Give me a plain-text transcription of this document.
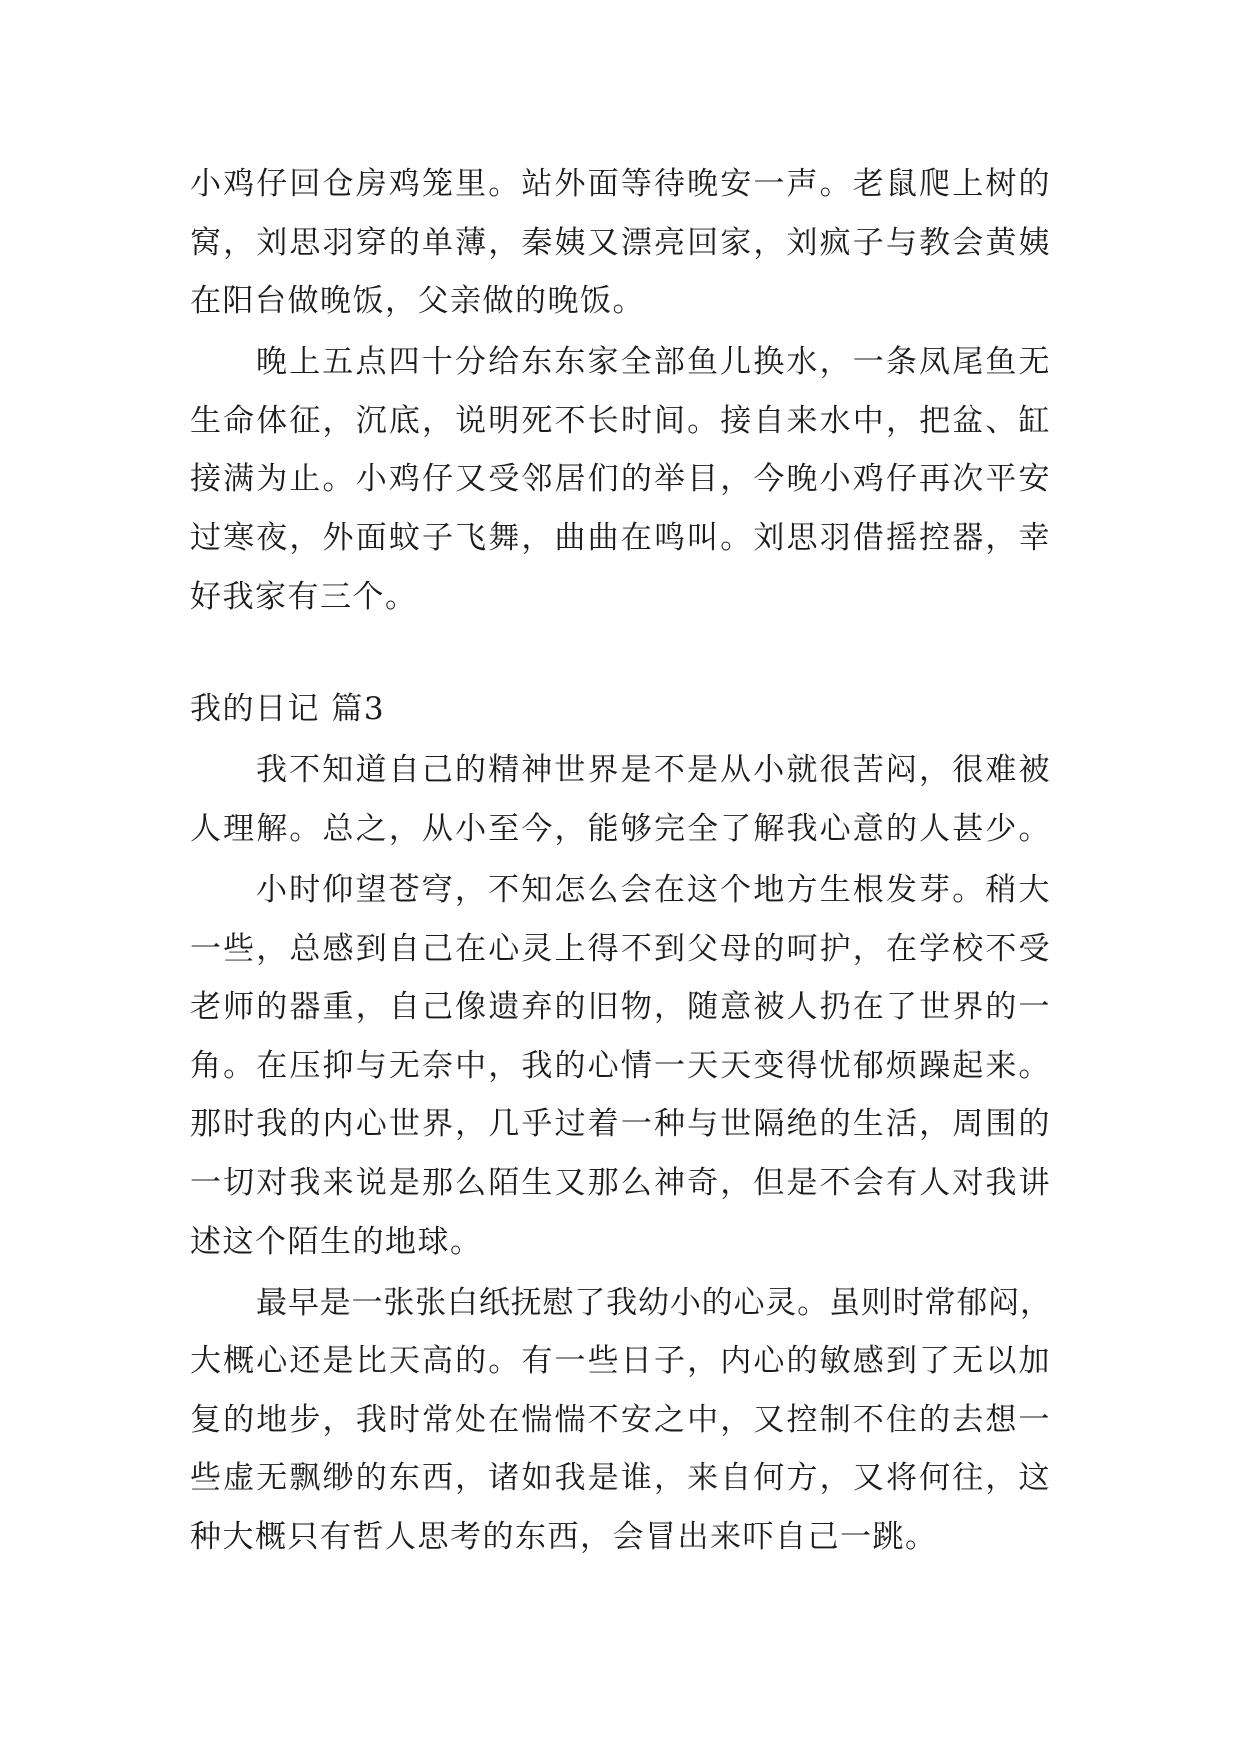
小鸡仔回仓房鸡笼里。站外面等待晚安一声。老鼠爬上树的
窝，刘思羽穿的单薄，秦姨又漂亮回家，刘疯子与教会黄姨
在阳台做晚饭，父亲做的晚饭。
晚上五点四十分给东东家全部鱼儿换水，一条凤尾鱼无
生命体征，沉底，说明死不长时间。接自来水中，把盆、缸
接满为止。小鸡仔又受邻居们的举目，今晚小鸡仔再次平安
过寒夜，外面蚊子飞舞，曲曲在鸣叫。刘思羽借摇控器，幸
好我家有三个。
我的日记 篇3
我不知道自己的精神世界是不是从小就很苦闷，很难被
人理解。总之，从小至今，能够完全了解我心意的人甚少。
小时仰望苍穹，不知怎么会在这个地方生根发芽。稍大
一些，总感到自己在心灵上得不到父母的呵护，在学校不受
老师的器重，自己像遗弃的旧物，随意被人扔在了世界的一
角。在压抑与无奈中，我的心情一天天变得忧郁烦躁起来。
那时我的内心世界，几乎过着一种与世隔绝的生活，周围的
一切对我来说是那么陌生又那么神奇，但是不会有人对我讲
述这个陌生的地球。
最早是一张张白纸抚慰了我幼小的心灵。虽则时常郁闷，
大概心还是比天高的。有一些日子，内心的敏感到了无以加
复的地步，我时常处在惴惴不安之中，又控制不住的去想一
些虚无飘缈的东西，诸如我是谁，来自何方，又将何往，这
种大概只有哲人思考的东西，会冒出来吓自己一跳。
